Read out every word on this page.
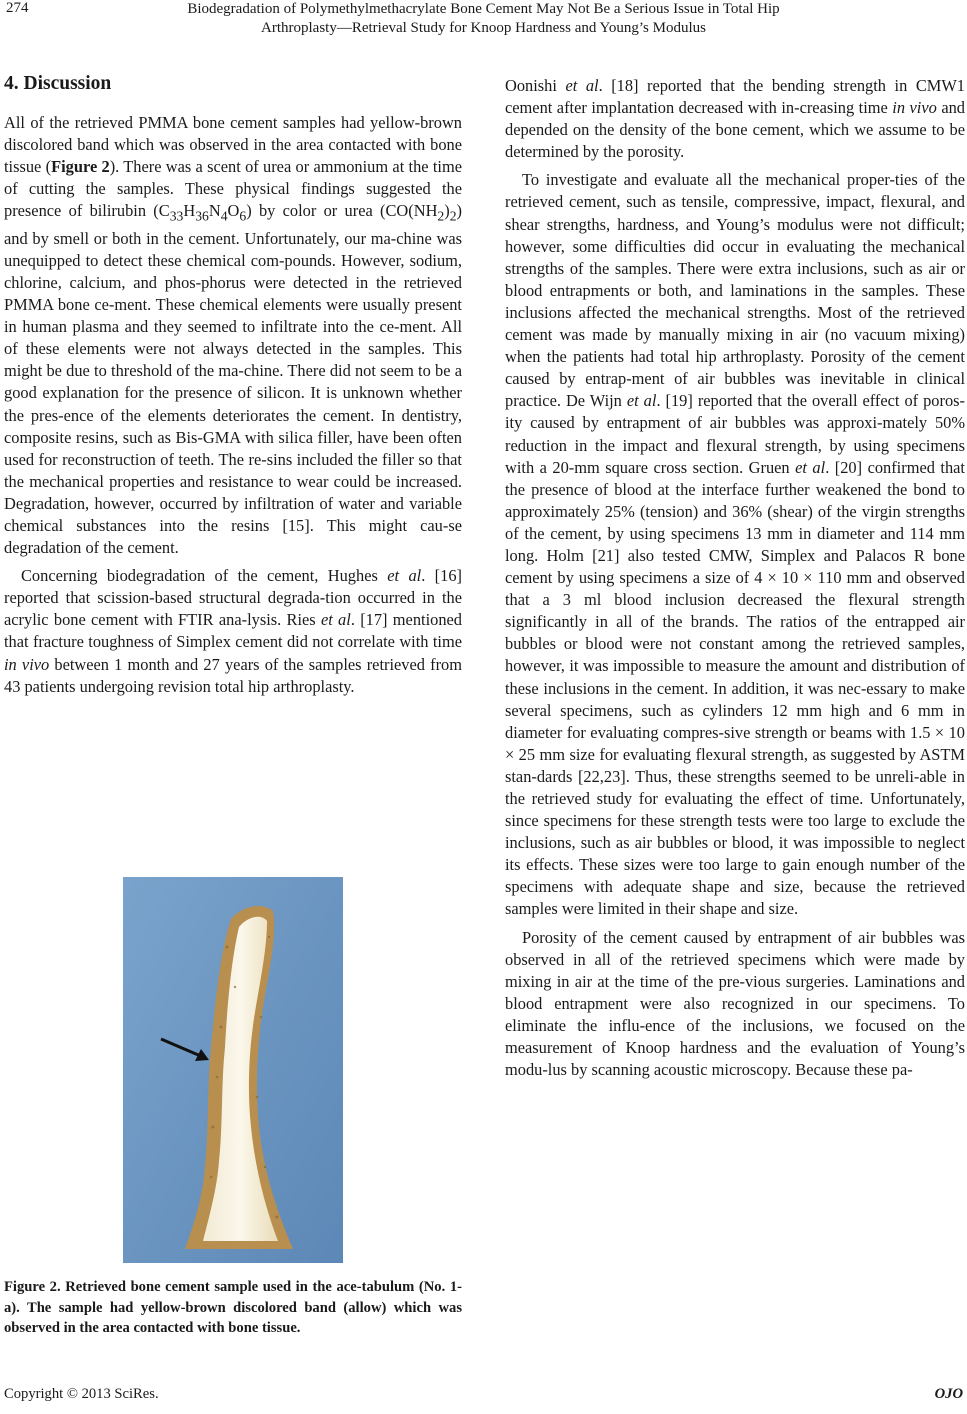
274	Biodegradation of Polymethylmethacrylate Bone Cement May Not Be a Serious Issue in Total Hip
Arthroplasty—Retrieval Study for Knoop Hardness and Young’s Modulus
4. Discussion

All of the retrieved PMMA bone cement samples had yellow-brown discolored band which was observed in the area contacted with bone tissue (Figure 2). There was a scent of urea or ammonium at the time of cutting the samples. These physical findings suggested the presence of bilirubin $(C_{33}H_{36}N_4O_6)$ by color or urea $(CO(NH_2)_2)$ and by smell or both in the cement. Unfortunately, our ma-chine was unequipped to detect these chemical com-pounds. However, sodium, chlorine, calcium, and phos-phorus were detected in the retrieved PMMA bone ce-ment. These chemical elements were usually present in human plasma and they seemed to infiltrate into the ce-ment. All of these elements were not always detected in the samples. This might be due to threshold of the ma-chine. There did not seem to be a good explanation for the presence of silicon. It is unknown whether the pres-ence of the elements deteriorates the cement. In dentistry, composite resins, such as Bis-GMA with silica filler, have been often used for reconstruction of teeth. The re-sins included the filler so that the mechanical properties and resistance to wear could be increased. Degradation, however, occurred by infiltration of water and variable chemical substances into the resins [15]. This might cau-se degradation of the cement.

Concerning biodegradation of the cement, Hughes et al. [16] reported that scission-based structural degrada-tion occurred in the acrylic bone cement with FTIR ana-lysis. Ries et al. [17] mentioned that fracture toughness of Simplex cement did not correlate with time in vivo between 1 month and 27 years of the samples retrieved from 43 patients undergoing revision total hip arthroplasty.

Figure 2. Retrieved bone cement sample used in the ace-tabulum (No. 1-a). The sample had yellow-brown discolored band (allow) which was observed in the area contacted with bone tissue.

Oonishi et al. [18] reported that the bending strength in CMW1 cement after implantation decreased with in-creasing time in vivo and depended on the density of the bone cement, which we assume to be determined by the porosity.

To investigate and evaluate all the mechanical proper-ties of the retrieved cement, such as tensile, compressive, impact, flexural, and shear strengths, hardness, and Young’s modulus were not difficult; however, some difficulties did occur in evaluating the mechanical strengths of the samples. There were extra inclusions, such as air or blood entrapments or both, and laminations in the samples. These inclusions affected the mechanical strengths. Most of the retrieved cement was made by manually mixing in air (no vacuum mixing) when the patients had total hip arthroplasty. Porosity of the cement caused by entrap-ment of air bubbles was inevitable in clinical practice. De Wijn et al. [19] reported that the overall effect of poros-ity caused by entrapment of air bubbles was approxi-mately 50% reduction in the impact and flexural strength, by using specimens with a 20-mm square cross section. Gruen et al. [20] confirmed that the presence of blood at the interface further weakened the bond to approximately 25% (tension) and 36% (shear) of the virgin strengths of the cement, by using specimens 13 mm in diameter and 114 mm long. Holm [21] also tested CMW, Simplex and Palacos R bone cement by using specimens a size of 4 × 10 × 110 mm and observed that a 3 ml blood inclusion decreased the flexural strength significantly in all of the brands. The ratios of the entrapped air bubbles or blood were not constant among the retrieved samples, however, it was impossible to measure the amount and distribution of these inclusions in the cement. In addition, it was nec-essary to make several specimens, such as cylinders 12 mm high and 6 mm in diameter for evaluating compres-sive strength or beams with 1.5 × 10 × 25 mm size for evaluating flexural strength, as suggested by ASTM stan-dards [22,23]. Thus, these strengths seemed to be unreli-able in the retrieved study for evaluating the effect of time. Unfortunately, since specimens for these strength tests were too large to exclude the inclusions, such as air bubbles or blood, it was impossible to neglect its effects. These sizes were too large to gain enough number of the specimens with adequate shape and size, because the retrieved samples were limited in their shape and size.

Porosity of the cement caused by entrapment of air bubbles was observed in all of the retrieved specimens which were made by mixing in air at the time of the pre-vious surgeries. Laminations and blood entrapment were also recognized in our specimens. To eliminate the influ-ence of the inclusions, we focused on the measurement of Knoop hardness and the evaluation of Young’s modu-lus by scanning acoustic microscopy. Because these pa-

Copyright © 2013 SciRes.	OJO
